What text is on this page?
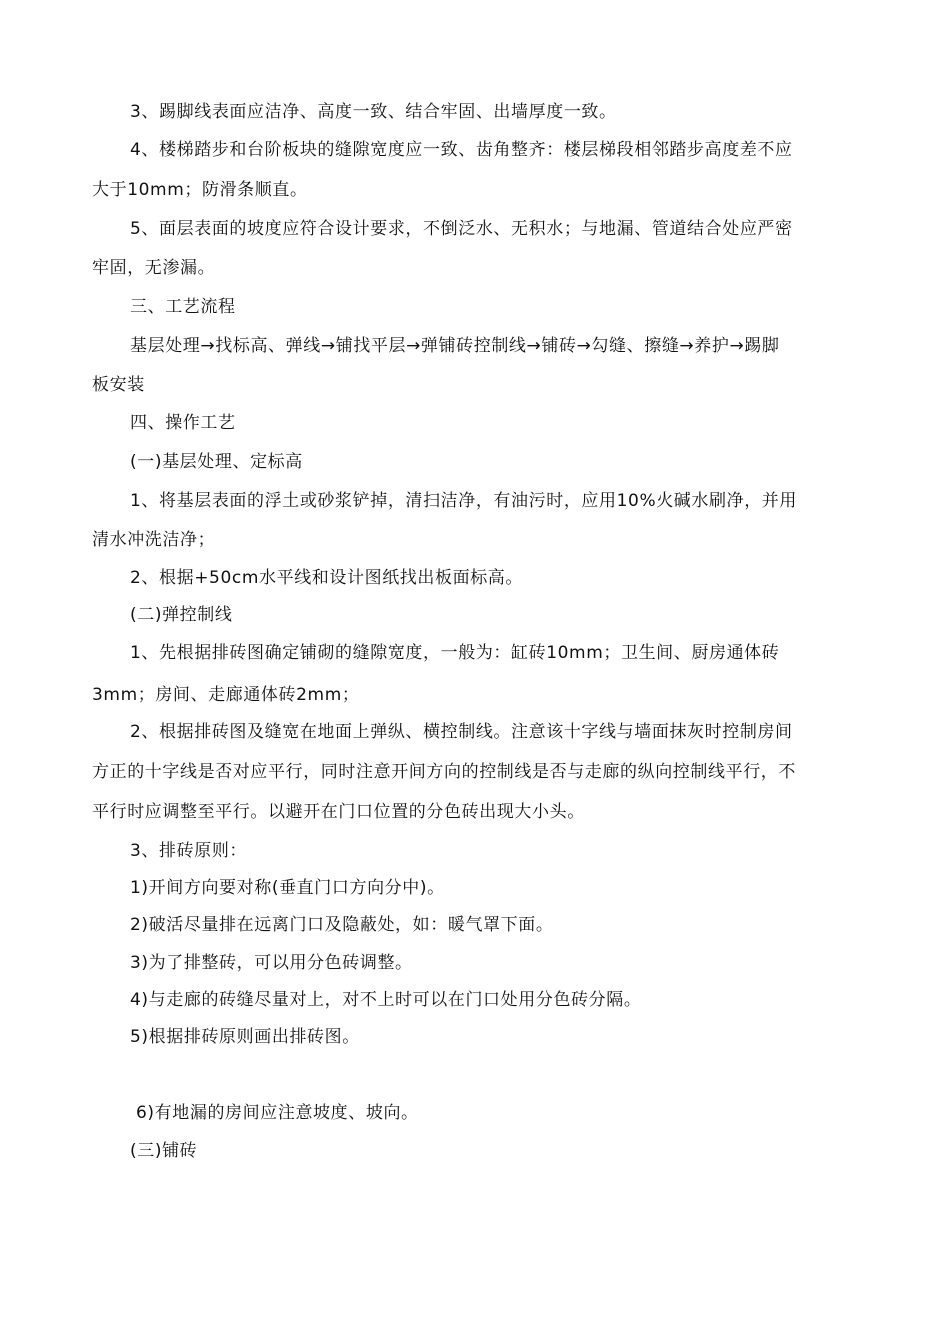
3、踢脚线表面应洁净、高度一致、结合牢固、出墙厚度一致。
4、楼梯踏步和台阶板块的缝隙宽度应一致、齿角整齐：楼层梯段相邻踏步高度差不应
大于10mm；防滑条顺直。
5、面层表面的坡度应符合设计要求，不倒泛水、无积水；与地漏、管道结合处应严密
牢固，无渗漏。
三、工艺流程
基层处理→找标高、弹线→铺找平层→弹铺砖控制线→铺砖→勾缝、擦缝→养护→踢脚
板安装
四、操作工艺
(一)基层处理、定标高
1、将基层表面的浮土或砂浆铲掉，清扫洁净，有油污时，应用10%火碱水刷净，并用
清水冲洗洁净；
2、根据+50cm水平线和设计图纸找出板面标高。
(二)弹控制线
1、先根据排砖图确定铺砌的缝隙宽度，一般为：缸砖10mm；卫生间、厨房通体砖
3mm；房间、走廊通体砖2mm；
2、根据排砖图及缝宽在地面上弹纵、横控制线。注意该十字线与墙面抹灰时控制房间
方正的十字线是否对应平行，同时注意开间方向的控制线是否与走廊的纵向控制线平行，不
平行时应调整至平行。以避开在门口位置的分色砖出现大小头。
3、排砖原则：
1)开间方向要对称(垂直门口方向分中)。
2)破活尽量排在远离门口及隐蔽处，如：暖气罩下面。
3)为了排整砖，可以用分色砖调整。
4)与走廊的砖缝尽量对上，对不上时可以在门口处用分色砖分隔。
5)根据排砖原则画出排砖图。
6)有地漏的房间应注意坡度、坡向。
(三)铺砖
